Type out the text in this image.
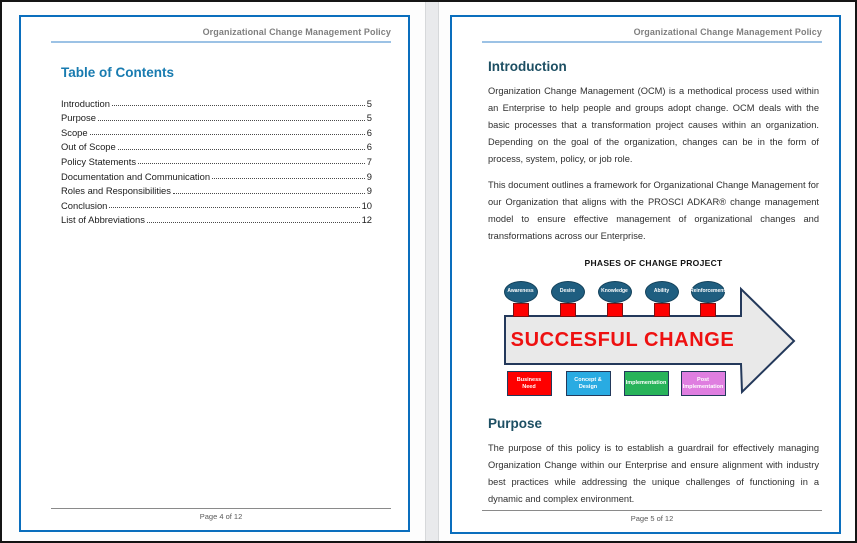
Organizational Change Management Policy
Table of Contents
Introduction	5
Purpose	5
Scope	6
Out of Scope	6
Policy Statements	7
Documentation and Communication	9
Roles and Responsibilities	9
Conclusion	10
List of Abbreviations	12
Page 4 of 12
Organizational Change Management Policy
Introduction

Organization Change Management (OCM) is a methodical process used within an Enterprise to help people and groups adopt change. OCM deals with the basic processes that a transformation project causes within an organization. Depending on the goal of the organization, changes can be in the form of process, system, policy, or job role.

This document outlines a framework for Organizational Change Management for our Organization that aligns with the PROSCI ADKAR® change management model to ensure effective management of organizational changes and transformations across our Enterprise.

PHASES OF CHANGE PROJECT
Awareness	Desire	Knowledge	Ability	Reinforcement
SUCCESFUL CHANGE
Business Need
Concept & Design
Implementation
Post Implementation
Purpose

The purpose of this policy is to establish a guardrail for effectively managing Organization Change within our Enterprise and ensure alignment with industry best practices while addressing the unique challenges of functioning in a dynamic and complex environment.

Page 5 of 12
